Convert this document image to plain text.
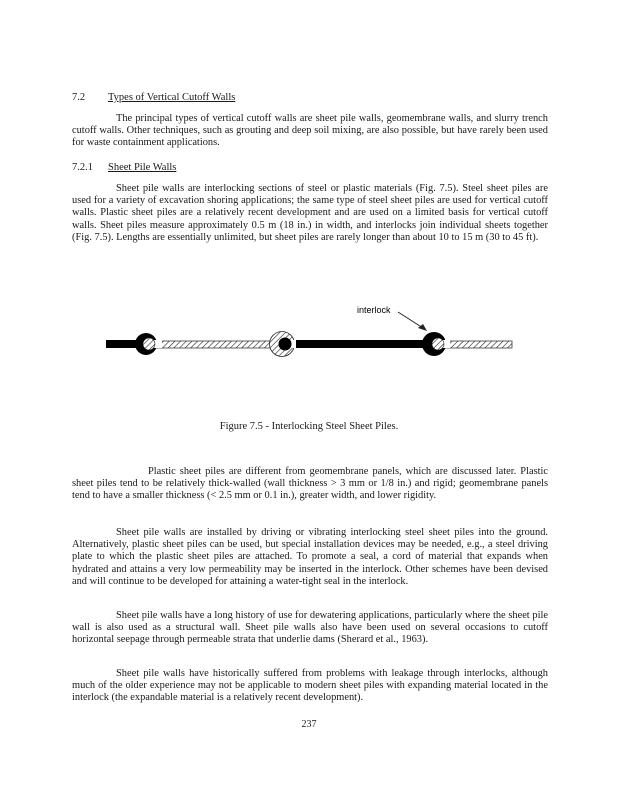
7.2 Types of Vertical Cutoff Walls

The principal types of vertical cutoff walls are sheet pile walls, geomembrane walls, and slurry trench cutoff walls. Other techniques, such as grouting and deep soil mixing, are also possible, but have rarely been used for waste containment applications.

7.2.1 Sheet Pile Walls

Sheet pile walls are interlocking sections of steel or plastic materials (Fig. 7.5). Steel sheet piles are used for a variety of excavation shoring applications; the same type of steel sheet piles are used for vertical cutoff walls. Plastic sheet piles are a relatively recent development and are used on a limited basis for vertical cutoff walls. Sheet piles measure approximately 0.5 m (18 in.) in width, and interlocks join individual sheets together (Fig. 7.5). Lengths are essentially unlimited, but sheet piles are rarely longer than about 10 to 15 m (30 to 45 ft).

interlock
Figure 7.5 - Interlocking Steel Sheet Piles.

Plastic sheet piles are different from geomembrane panels, which are discussed later. Plastic sheet piles tend to be relatively thick-walled (wall thickness > 3 mm or 1/8 in.) and rigid; geomembrane panels tend to have a smaller thickness (< 2.5 mm or 0.1 in.), greater width, and lower rigidity.

Sheet pile walls are installed by driving or vibrating interlocking steel sheet piles into the ground. Alternatively, plastic sheet piles can be used, but special installation devices may be needed, e.g., a steel driving plate to which the plastic sheet piles are attached. To promote a seal, a cord of material that expands when hydrated and attains a very low permeability may be inserted in the interlock. Other schemes have been devised and will continue to be developed for attaining a water-tight seal in the interlock.

Sheet pile walls have a long history of use for dewatering applications, particularly where the sheet pile wall is also used as a structural wall. Sheet pile walls also have been used on several occasions to cutoff horizontal seepage through permeable strata that underlie dams (Sherard et al., 1963).

Sheet pile walls have historically suffered from problems with leakage through interlocks, although much of the older experience may not be applicable to modern sheet piles with expanding material located in the interlock (the expandable material is a relatively recent development).

237
